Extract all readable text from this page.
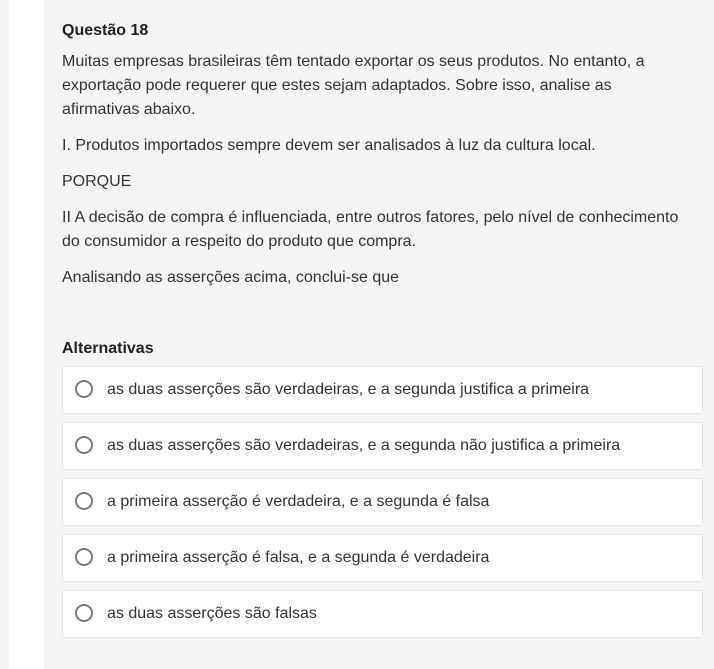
Questão 18

Muitas empresas brasileiras têm tentado exportar os seus produtos. No entanto, a exportação pode requerer que estes sejam adaptados. Sobre isso, analise as afirmativas abaixo.

I. Produtos importados sempre devem ser analisados à luz da cultura local.

PORQUE

II A decisão de compra é influenciada, entre outros fatores, pelo nível de conhecimento do consumidor a respeito do produto que compra.

Analisando as asserções acima, conclui-se que

Alternativas
as duas asserções são verdadeiras, e a segunda justifica a primeira
as duas asserções são verdadeiras, e a segunda não justifica a primeira
a primeira asserção é verdadeira, e a segunda é falsa
a primeira asserção é falsa, e a segunda é verdadeira
as duas asserções são falsas
